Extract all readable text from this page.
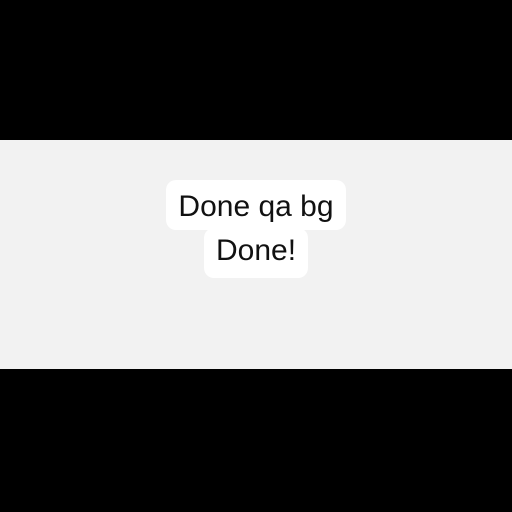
Done qa bg
Done!
